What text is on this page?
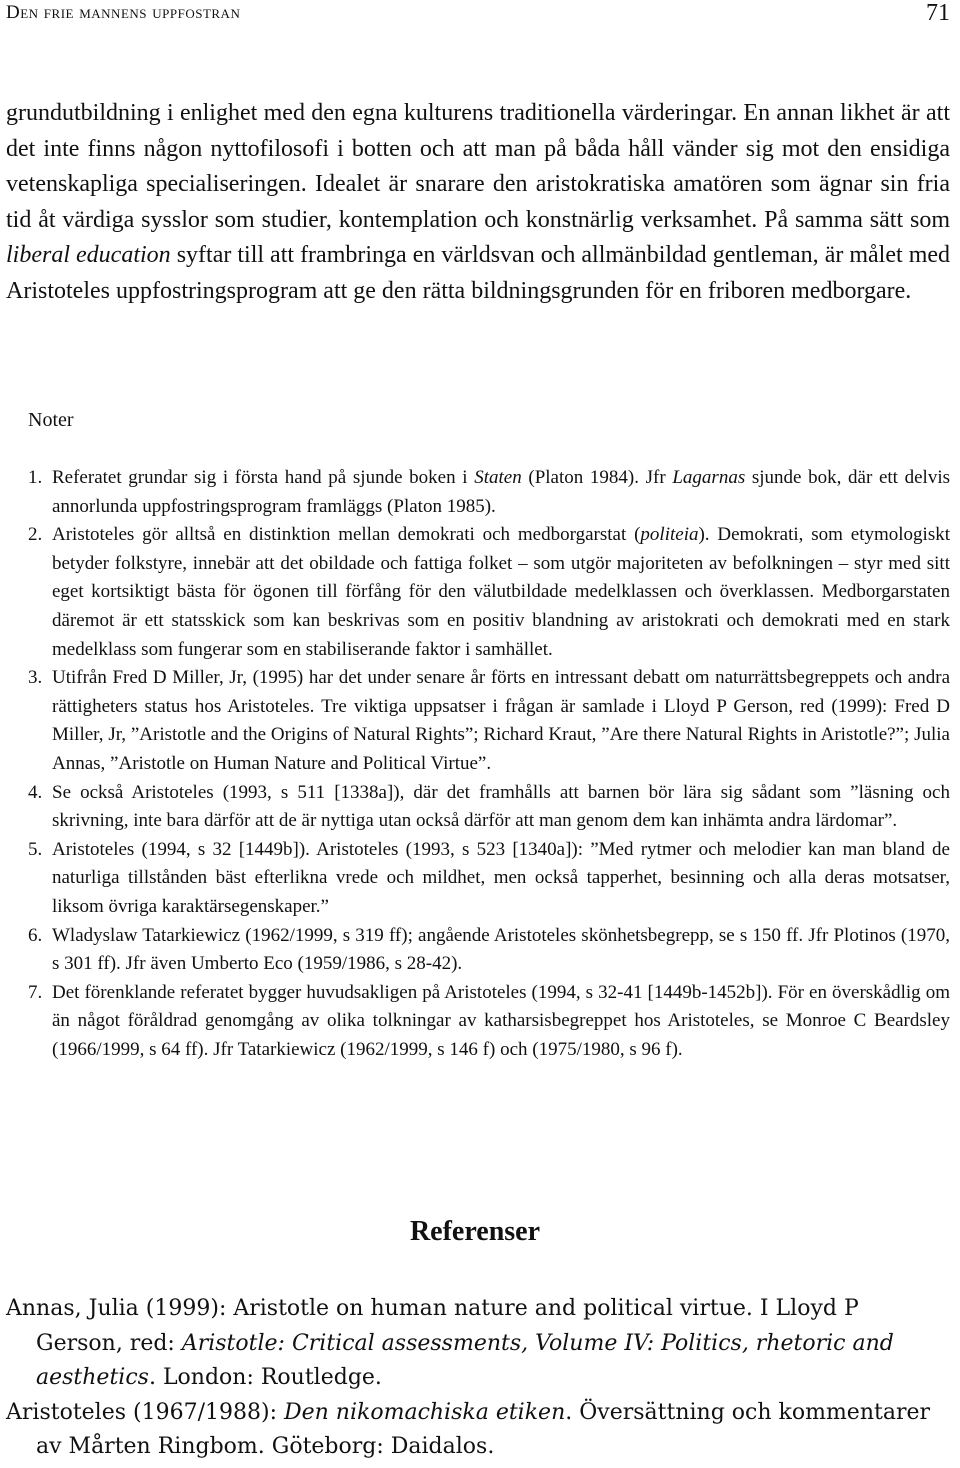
Den frie mannens uppfostran	71

grundutbildning i enlighet med den egna kulturens traditionella värderingar. En annan likhet är att det inte finns någon nyttofilosofi i botten och att man på båda håll vänder sig mot den ensidiga vetenskapliga specialiseringen. Idealet är snarare den aristokratiska amatören som ägnar sin fria tid åt värdiga sysslor som studier, kontemplation och konstnärlig verksamhet. På samma sätt som liberal education syftar till att frambringa en världsvan och allmänbildad gentleman, är målet med Aristoteles uppfostringsprogram att ge den rätta bildningsgrunden för en friboren medborgare.

Noter
1. Referatet grundar sig i första hand på sjunde boken i Staten (Platon 1984). Jfr Lagarnas sjunde bok, där ett delvis annorlunda uppfostringsprogram framläggs (Platon 1985).
2. Aristoteles gör alltså en distinktion mellan demokrati och medborgarstat (politeia). Demokrati, som etymologiskt betyder folkstyre, innebär att det obildade och fattiga folket – som utgör majoriteten av befolkningen – styr med sitt eget kortsiktigt bästa för ögonen till förfång för den välutbildade medelklassen och överklassen. Medborgarstaten däremot är ett statsskick som kan beskrivas som en positiv blandning av aristokrati och demokrati med en stark medelklass som fungerar som en stabiliserande faktor i samhället.
3. Utifrån Fred D Miller, Jr, (1995) har det under senare år förts en intressant debatt om naturrättsbegreppets och andra rättigheters status hos Aristoteles. Tre viktiga uppsatser i frågan är samlade i Lloyd P Gerson, red (1999): Fred D Miller, Jr, ”Aristotle and the Origins of Natural Rights”; Richard Kraut, ”Are there Natural Rights in Aristotle?”; Julia Annas, ”Aristotle on Human Nature and Political Virtue”.
4. Se också Aristoteles (1993, s 511 [1338a]), där det framhålls att barnen bör lära sig sådant som ”läsning och skrivning, inte bara därför att de är nyttiga utan också därför att man genom dem kan inhämta andra lärdomar”.
5. Aristoteles (1994, s 32 [1449b]). Aristoteles (1993, s 523 [1340a]): ”Med rytmer och melodier kan man bland de naturliga tillstånden bäst efterlikna vrede och mildhet, men också tapperhet, besinning och alla deras motsatser, liksom övriga karaktärsegenskaper.”
6. Wladyslaw Tatarkiewicz (1962/1999, s 319 ff); angående Aristoteles skönhetsbegrepp, se s 150 ff. Jfr Plotinos (1970, s 301 ff). Jfr även Umberto Eco (1959/1986, s 28-42).
7. Det förenklande referatet bygger huvudsakligen på Aristoteles (1994, s 32-41 [1449b-1452b]). För en överskådlig om än något föråldrad genomgång av olika tolkningar av katharsisbegreppet hos Aristoteles, se Monroe C Beardsley (1966/1999, s 64 ff). Jfr Tatarkiewicz (1962/1999, s 146 f) och (1975/1980, s 96 f).
Referenser
Annas, Julia (1999): Aristotle on human nature and political virtue. I Lloyd P Gerson, red: Aristotle: Critical assessments, Volume IV: Politics, rhetoric and aesthetics. London: Routledge.
Aristoteles (1967/1988): Den nikomachiska etiken. Översättning och kommentarer av Mårten Ringbom. Göteborg: Daidalos.
